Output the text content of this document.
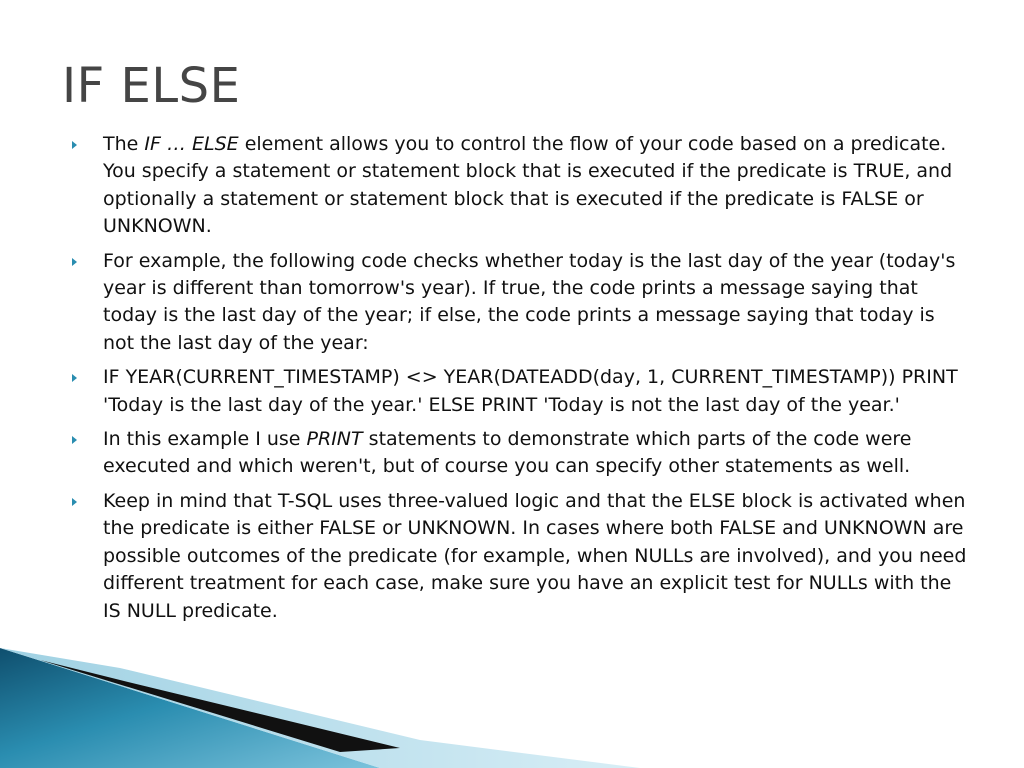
IF ELSE
The IF … ELSE element allows you to control the flow of your code based on a predicate. You specify a statement or statement block that is executed if the predicate is TRUE, and optionally a statement or statement block that is executed if the predicate is FALSE or UNKNOWN.
For example, the following code checks whether today is the last day of the year (today's year is different than tomorrow's year). If true, the code prints a message saying that today is the last day of the year; if else, the code prints a message saying that today is not the last day of the year:
IF YEAR(CURRENT_TIMESTAMP) <> YEAR(DATEADD(day, 1, CURRENT_TIMESTAMP)) PRINT 'Today is the last day of the year.' ELSE PRINT 'Today is not the last day of the year.'
In this example I use PRINT statements to demonstrate which parts of the code were executed and which weren't, but of course you can specify other statements as well.
Keep in mind that T-SQL uses three-valued logic and that the ELSE block is activated when the predicate is either FALSE or UNKNOWN. In cases where both FALSE and UNKNOWN are possible outcomes of the predicate (for example, when NULLs are involved), and you need different treatment for each case, make sure you have an explicit test for NULLs with the IS NULL predicate.
